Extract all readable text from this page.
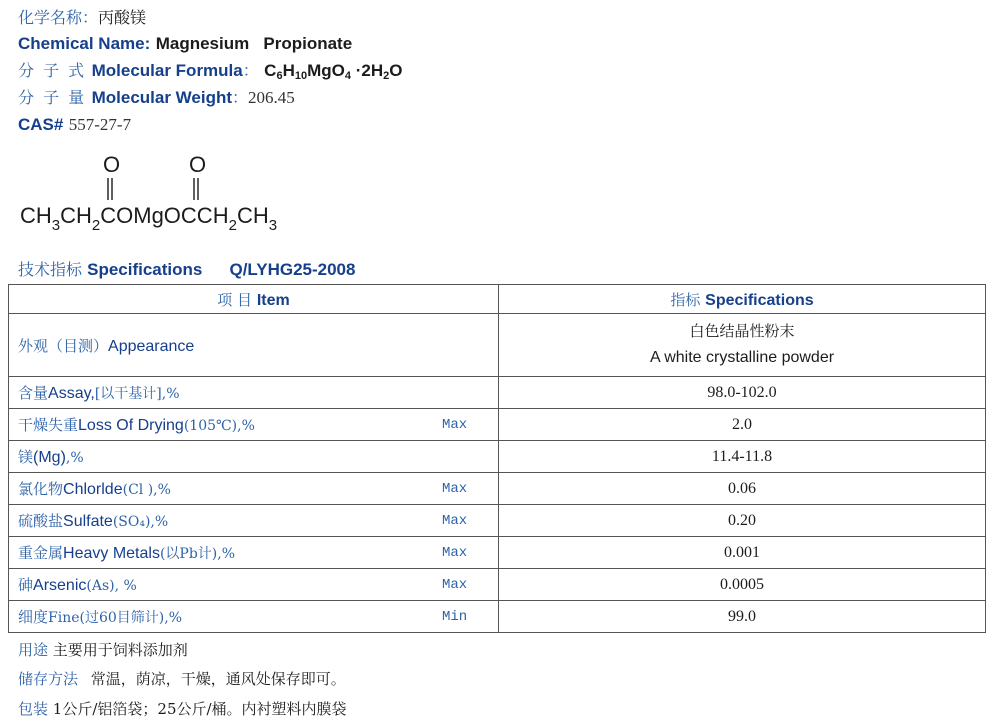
化学名称：丙酸镁
Chemical Name: Magnesium   Propionate
分 子 式 Molecular Formula： $C_6H_{10}MgO_4 \cdot 2H_2O$
分 子 量 Molecular Weight：206.45
CAS# 557-27-7
O	O
$CH_3CH_2COMgOCCH_2CH_3$
技术指标 Specifications Q/LYHG25-2008
项 目 Item	指标 Specifications
外观（目测）Appearance	白色结晶性粉末
A white crystalline powder

含量Assay,[以干基计],%	98.0-102.0
干燥失重Loss Of Drying(105℃),% Max	2.0
镁(Mg),%	11.4-11.8
氯化物Chlorlde(Cl ),% Max	0.06
硫酸盐Sulfate(SO₄),% Max	0.20
重金属Heavy Metals(以Pb计),% Max	0.001
砷Arsenic(As), % Max	0.0005
细度Fine(过60目筛计),% Min	99.0
用途 主要用于饲料添加剂
储存方法 常温，荫凉，干燥，通风处保存即可。
包装 1公斤/铝箔袋；25公斤/桶。内衬塑料内膜袋
